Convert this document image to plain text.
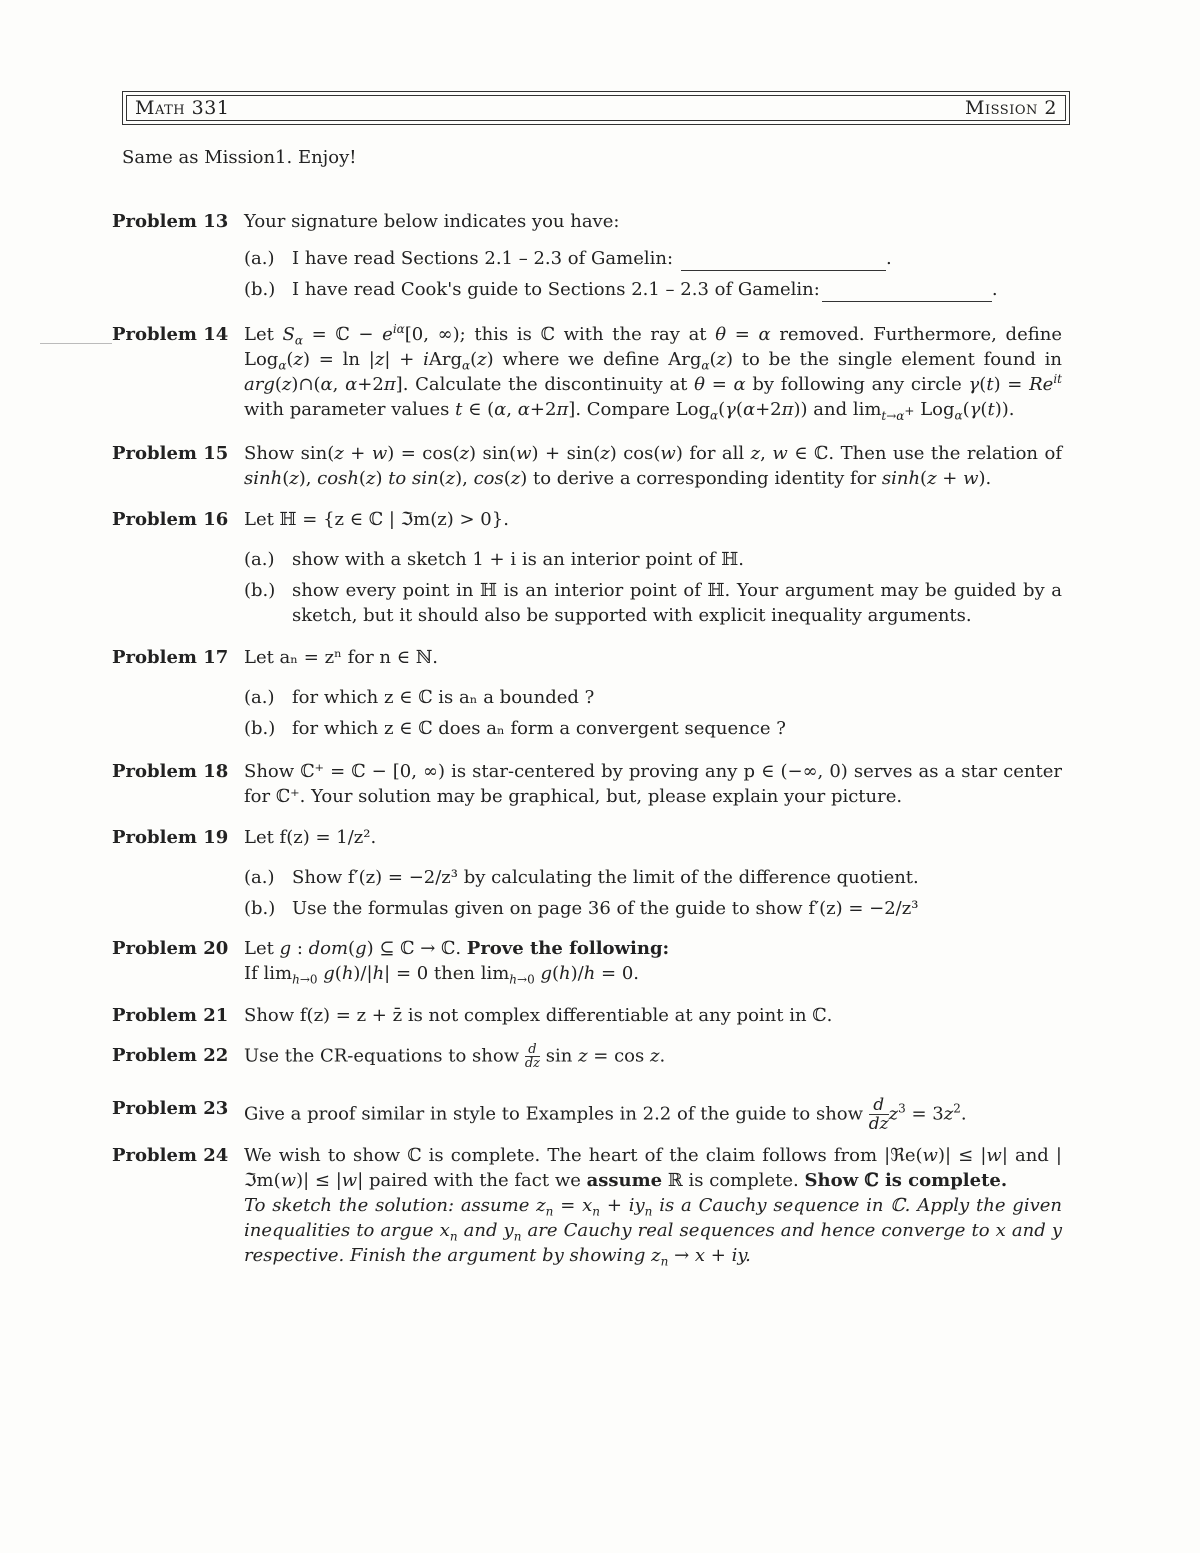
Math 331	Mission 2
Same as Mission1. Enjoy!
Problem 13 Your signature below indicates you have:
(a.) I have read Sections 2.1 – 2.3 of Gamelin:	.
(b.) I have read Cook's guide to Sections 2.1 – 2.3 of Gamelin:	.
Problem 14 Let $S_\alpha$ = ℂ − $e^{i\alpha}[0$, ∞); this is ℂ with the ray at θ = α removed. Furthermore, define Log$_\alpha$(z) = ln |z| + iArg$_\alpha$(z) where we define Arg$_\alpha$(z) to be the single element found in arg(z)∩(α, α+2π]. Calculate the discontinuity at θ = α by following any circle $\gamma(t) = Re^{it}$ with parameter values t ∈ (α, α+2π]. Compare Log$_\alpha$(γ(α+2π)) and $\lim_{t\to\alpha^+} Log_\alpha(\gamma(t))$.
Problem 15 Show sin(z + w) = cos(z) sin(w) + sin(z) cos(w) for all z, w ∈ ℂ. Then use the relation of sinh(z), cosh(z) to sin(z), cos(z) to derive a corresponding identity for sinh(z + w).
Problem 16 Let ℍ = {z ∈ ℂ | ℑm(z) > 0}.
(a.) show with a sketch 1 + i is an interior point of ℍ.
(b.) show every point in ℍ is an interior point of ℍ. Your argument may be guided by a sketch, but it should also be supported with explicit inequality arguments.
Problem 17 Let aₙ = zⁿ for n ∈ ℕ.
(a.) for which z ∈ ℂ is aₙ a bounded ?
(b.) for which z ∈ ℂ does aₙ form a convergent sequence ?
Problem 18 Show ℂ⁺ = ℂ − [0, ∞) is star-centered by proving any p ∈ (−∞, 0) serves as a star center for ℂ⁺. Your solution may be graphical, but, please explain your picture.
Problem 19 Let f(z) = 1/z².
(a.) Show f′(z) = −2/z³ by calculating the limit of the difference quotient.
(b.) Use the formulas given on page 36 of the guide to show f′(z) = −2/z³
Problem 20 Let g : dom(g) ⊆ ℂ → ℂ. Prove the following:
If $\lim_{h\to 0} g(h)/|h| = 0$ then $\lim_{h\to 0} g(h)/h = 0$.
Problem 21 Show f(z) = z + z̄ is not complex differentiable at any point in ℂ.
Problem 22 Use the CR-equations to show $\frac{d}{dz}$ sin z = cos z.
Problem 23 Give a proof similar in style to Examples in 2.2 of the guide to show $\frac{d}{dz} z^3 = 3z^2$.
Problem 24 We wish to show ℂ is complete. The heart of the claim follows from |ℜe(w)| ≤ |w| and |ℑm(w)| ≤ |w| paired with the fact we assume ℝ is complete. Show ℂ is complete.
To sketch the solution: assume $z_n = x_n + iy_n$ is a Cauchy sequence in ℂ. Apply the given inequalities to argue $x_n$ and $y_n$ are Cauchy real sequences and hence converge to x and y respective. Finish the argument by showing $z_n \to x$ + iy.
